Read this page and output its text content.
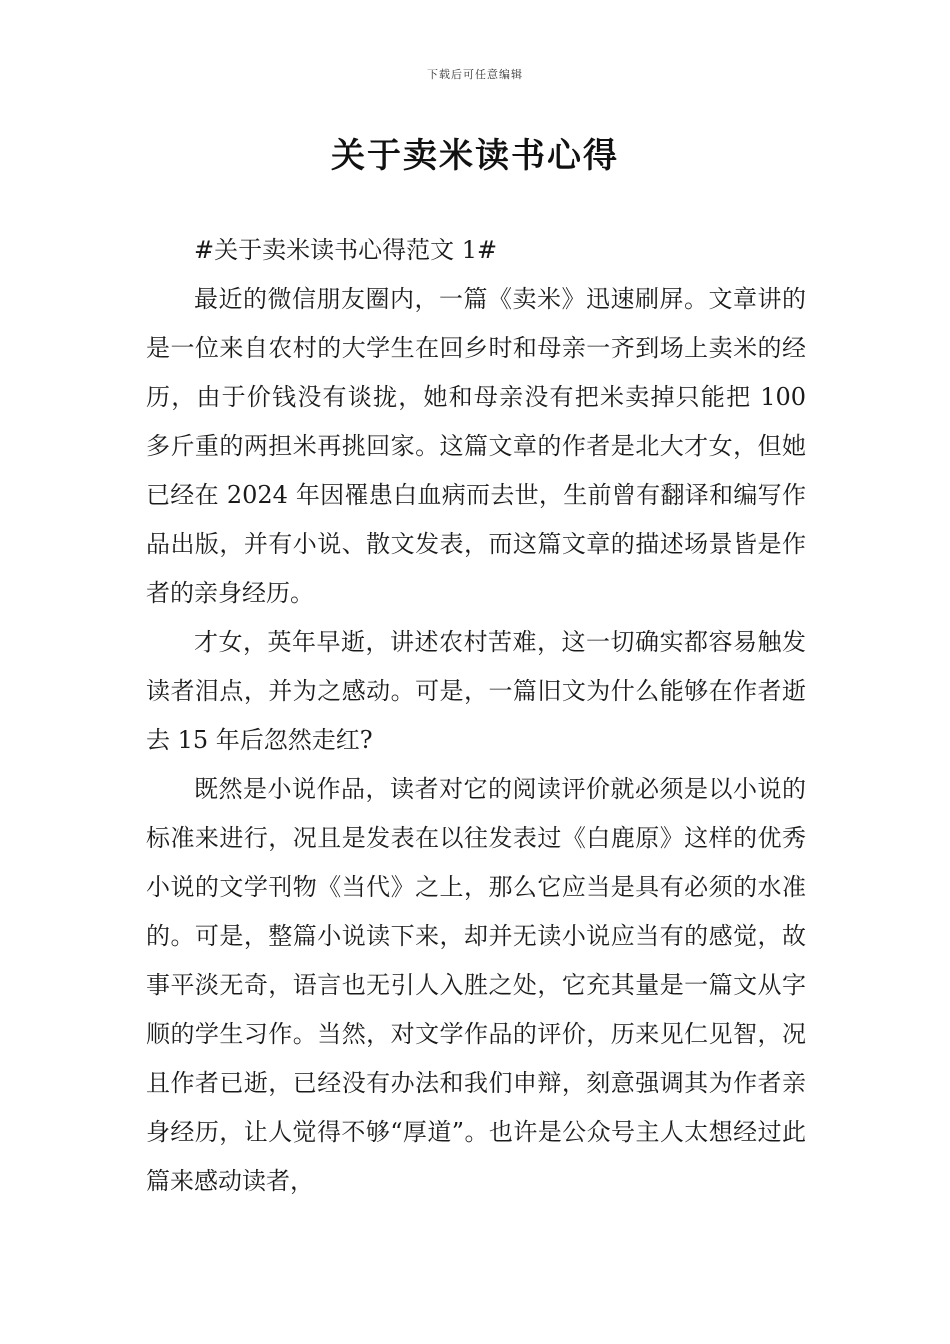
下载后可任意编辑
关于卖米读书心得

#关于卖米读书心得范文 1#

最近的微信朋友圈内，一篇《卖米》迅速刷屏。文章讲的是一位来自农村的大学生在回乡时和母亲一齐到场上卖米的经历，由于价钱没有谈拢，她和母亲没有把米卖掉只能把 100 多斤重的两担米再挑回家。这篇文章的作者是北大才女，但她已经在 2024 年因罹患白血病而去世，生前曾有翻译和编写作品出版，并有小说、散文发表，而这篇文章的描述场景皆是作者的亲身经历。

才女，英年早逝，讲述农村苦难，这一切确实都容易触发读者泪点，并为之感动。可是，一篇旧文为什么能够在作者逝去 15 年后忽然走红?

既然是小说作品，读者对它的阅读评价就必须是以小说的标准来进行，况且是发表在以往发表过《白鹿原》这样的优秀小说的文学刊物《当代》之上，那么它应当是具有必须的水准的。可是，整篇小说读下来，却并无读小说应当有的感觉，故事平淡无奇，语言也无引人入胜之处，它充其量是一篇文从字顺的学生习作。当然，对文学作品的评价，历来见仁见智，况且作者已逝，已经没有办法和我们申辩，刻意强调其为作者亲身经历，让人觉得不够“厚道”。也许是公众号主人太想经过此篇来感动读者，
